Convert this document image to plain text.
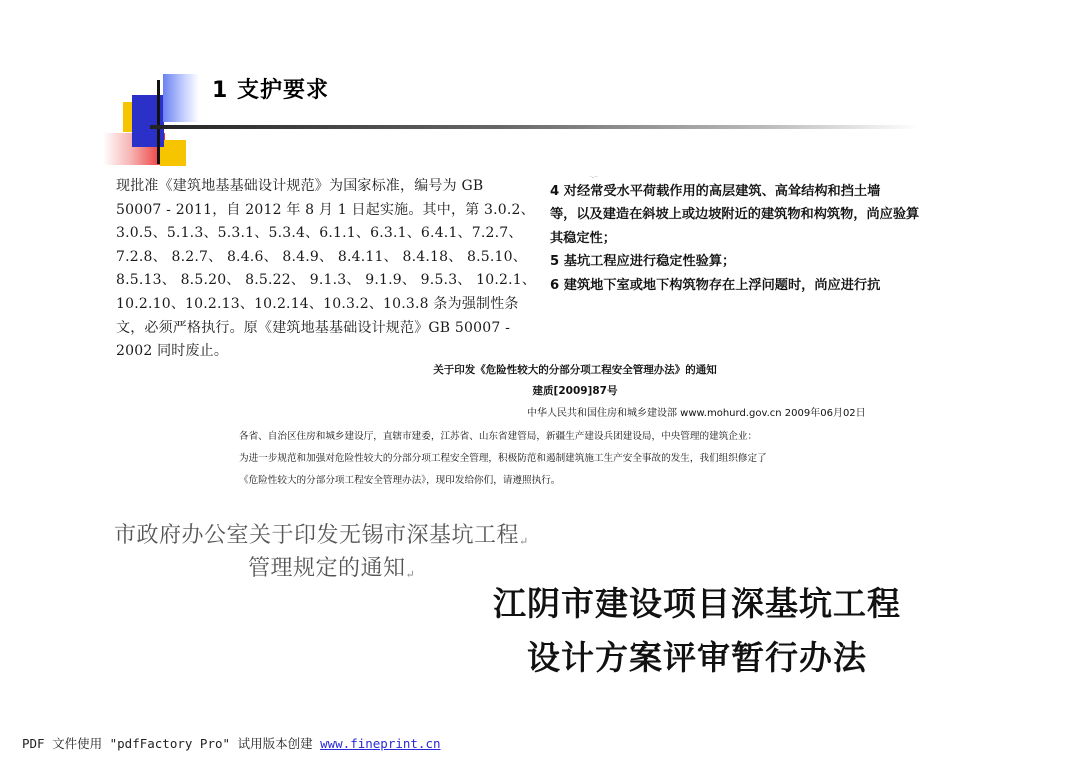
1 支护要求

现批准《建筑地基基础设计规范》为国家标准，编号为 GB

50007 - 2011，自 2012 年 8 月 1 日起实施。其中，第 3.0.2、

3.0.5、5.1.3、5.3.1、5.3.4、6.1.1、6.3.1、6.4.1、7.2.7、

7.2.8、 8.2.7、 8.4.6、 8.4.9、 8.4.11、 8.4.18、 8.5.10、

8.5.13、 8.5.20、 8.5.22、 9.1.3、 9.1.9、 9.5.3、 10.2.1、

10.2.10、10.2.13、10.2.14、10.3.2、10.3.8 条为强制性条

文，必须严格执行。原《建筑地基基础设计规范》GB 50007 -

2002 同时废止。

·-··

4 对经常受水平荷载作用的高层建筑、高耸结构和挡土墙

等，以及建造在斜坡上或边坡附近的建筑物和构筑物，尚应验算

其稳定性；

5 基坑工程应进行稳定性验算；

6 建筑地下室或地下构筑物存在上浮问题时，尚应进行抗

关于印发《危险性较大的分部分项工程安全管理办法》的通知
建质[2009]87号
中华人民共和国住房和城乡建设部 www.mohurd.gov.cn 2009年06月02日

各省、自治区住房和城乡建设厅，直辖市建委，江苏省、山东省建管局，新疆生产建设兵团建设局，中央管理的建筑企业：

为进一步规范和加强对危险性较大的分部分项工程安全管理，积极防范和遏制建筑施工生产安全事故的发生，我们组织修定了

《危险性较大的分部分项工程安全管理办法》，现印发给你们，请遵照执行。

市政府办公室关于印发无锡市深基坑工程↵
管理规定的通知↵
江阴市建设项目深基坑工程
设计方案评审暂行办法
PDF 文件使用 "pdfFactory Pro" 试用版本创建 www.fineprint.cn
